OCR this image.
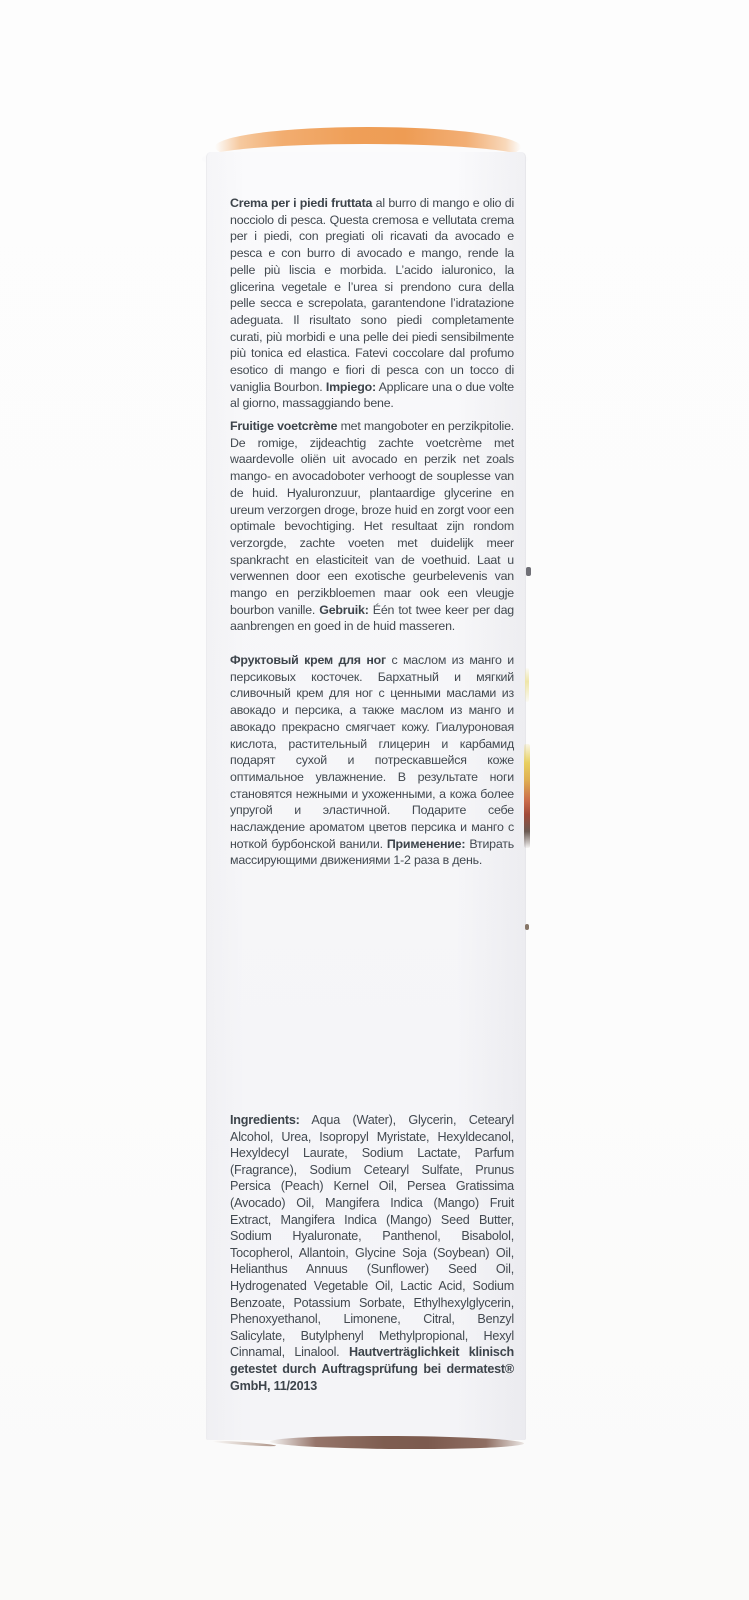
Crema per i piedi fruttata al burro di mango e olio di nocciolo di pesca. Questa cremosa e vellutata crema per i piedi, con pregiati oli ricavati da avocado e pesca e con burro di avocado e mango, rende la pelle più liscia e morbida. L’acido ialuronico, la glicerina vegetale e l’urea si prendono cura della pelle secca e screpolata, garantendone l’idratazione adeguata. Il risultato sono piedi completamente curati, più morbidi e una pelle dei piedi sensibilmente più tonica ed elastica. Fatevi coccolare dal profumo esotico di mango e fiori di pesca con un tocco di vaniglia Bourbon. Impiego: Applicare una o due volte al giorno, massaggiando bene.

Fruitige voetcrème met mangoboter en perzikpitolie. De romige, zijdeachtig zachte voetcrème met waardevolle oliën uit avocado en perzik net zoals mango- en avocadoboter verhoogt de souplesse van de huid. Hyaluronzuur, plantaardige glycerine en ureum verzorgen droge, broze huid en zorgt voor een optimale bevochtiging. Het resultaat zijn rondom verzorgde, zachte voeten met duidelijk meer spankracht en elasticiteit van de voethuid. Laat u verwennen door een exotische geurbelevenis van mango en perzikbloemen maar ook een vleugje bourbon vanille. Gebruik: Één tot twee keer per dag aanbrengen en goed in de huid masseren.

Фруктовый крем для ног с маслом из манго и персиковых косточек. Бархатный и мягкий сливочный крем для ног с ценными маслами из авокадо и персика, а также маслом из манго и авокадо прекрасно смягчает кожу. Гиалуроновая кислота, растительный глицерин и карбамид подарят сухой и потрескавшейся коже оптимальное увлажнение. В результате ноги становятся нежными и ухоженными, а кожа более упругой и эластичной. Подарите себе наслаждение ароматом цветов персика и манго с ноткой бурбонской ванили. Применение: Втирать массирующими движениями 1-2 раза в день.

Ingredients: Aqua (Water), Glycerin, Cetearyl Alcohol, Urea, Isopropyl Myristate, Hexyldecanol, Hexyldecyl Laurate, Sodium Lactate, Parfum (Fragrance), Sodium Cetearyl Sulfate, Prunus Persica (Peach) Kernel Oil, Persea Gratissima (Avocado) Oil, Mangifera Indica (Mango) Fruit Extract, Mangifera Indica (Mango) Seed Butter, Sodium Hyaluronate, Panthenol, Bisabolol, Tocopherol, Allantoin, Glycine Soja (Soybean) Oil, Helianthus Annuus (Sunflower) Seed Oil, Hydrogenated Vegetable Oil, Lactic Acid, Sodium Benzoate, Potassium Sorbate, Ethylhexylglycerin, Phenoxyethanol, Limonene, Citral, Benzyl Salicylate, Butylphenyl Methylpropional, Hexyl Cinnamal, Linalool. Hautverträglichkeit klinisch getestet durch Auftragsprüfung bei dermatest® GmbH, 11/2013
